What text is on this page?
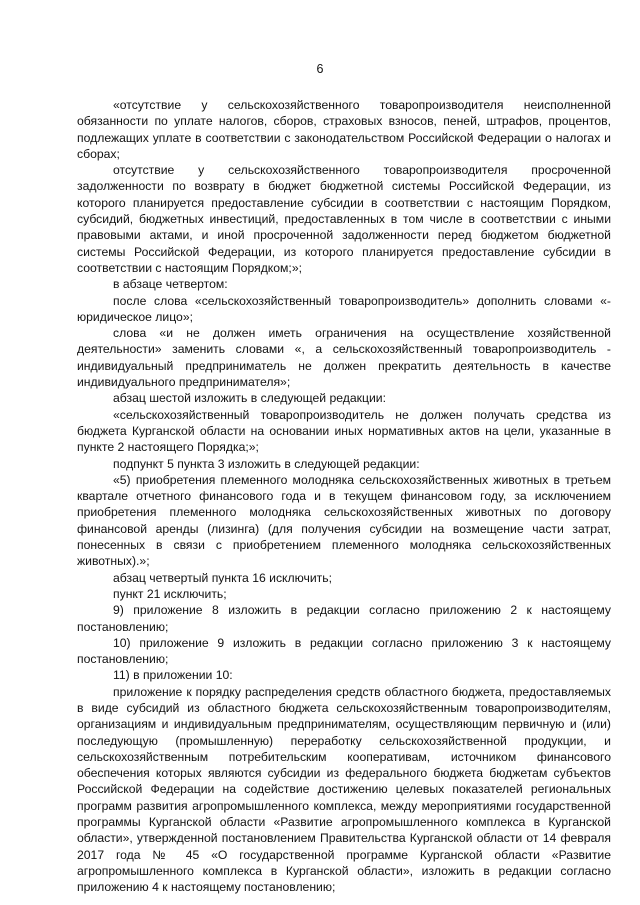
6

«отсутствие у сельскохозяйственного товаропроизводителя неисполненной обязанности по уплате налогов, сборов, страховых взносов, пеней, штрафов, процентов, подлежащих уплате в соответствии с законодательством Российской Федерации о налогах и сборах;

отсутствие у сельскохозяйственного товаропроизводителя просроченной задолженности по возврату в бюджет бюджетной системы Российской Федерации, из которого планируется предоставление субсидии в соответствии с настоящим Порядком, субсидий, бюджетных инвестиций, предоставленных в том числе в соответствии с иными правовыми актами, и иной просроченной задолженности перед бюджетом бюджетной системы Российской Федерации, из которого планируется предоставление субсидии в соответствии с настоящим Порядком;»;

в абзаце четвертом:

после слова «сельскохозяйственный товаропроизводитель» дополнить словами «- юридическое лицо»;

слова «и не должен иметь ограничения на осуществление хозяйственной деятельности» заменить словами «, а сельскохозяйственный товаропроизводитель - индивидуальный предприниматель не должен прекратить деятельность в качестве индивидуального предпринимателя»;

абзац шестой изложить в следующей редакции:

«сельскохозяйственный товаропроизводитель не должен получать средства из бюджета Курганской области на основании иных нормативных актов на цели, указанные в пункте 2 настоящего Порядка;»;

подпункт 5 пункта 3 изложить в следующей редакции:

«5) приобретения племенного молодняка сельскохозяйственных животных в третьем квартале отчетного финансового года и в текущем финансовом году, за исключением приобретения племенного молодняка сельскохозяйственных животных по договору финансовой аренды (лизинга) (для получения субсидии на возмещение части затрат, понесенных в связи с приобретением племенного молодняка сельскохозяйственных животных).»;

абзац четвертый пункта 16 исключить;

пункт 21 исключить;

9) приложение 8 изложить в редакции согласно приложению 2 к настоящему постановлению;

10) приложение 9 изложить в редакции согласно приложению 3 к настоящему постановлению;

11) в приложении 10:

приложение к порядку распределения средств областного бюджета, предоставляемых в виде субсидий из областного бюджета сельскохозяйственным товаропроизводителям, организациям и индивидуальным предпринимателям, осуществляющим первичную и (или) последующую (промышленную) переработку сельскохозяйственной продукции, и сельскохозяйственным потребительским кооперативам, источником финансового обеспечения которых являются субсидии из федерального бюджета бюджетам субъектов Российской Федерации на содействие достижению целевых показателей региональных программ развития агропромышленного комплекса, между мероприятиями государственной программы Курганской области «Развитие агропромышленного комплекса в Курганской области», утвержденной постановлением Правительства Курганской области от 14 февраля 2017 года № 45 «О государственной программе Курганской области «Развитие агропромышленного комплекса в Курганской области», изложить в редакции согласно приложению 4 к настоящему постановлению;
